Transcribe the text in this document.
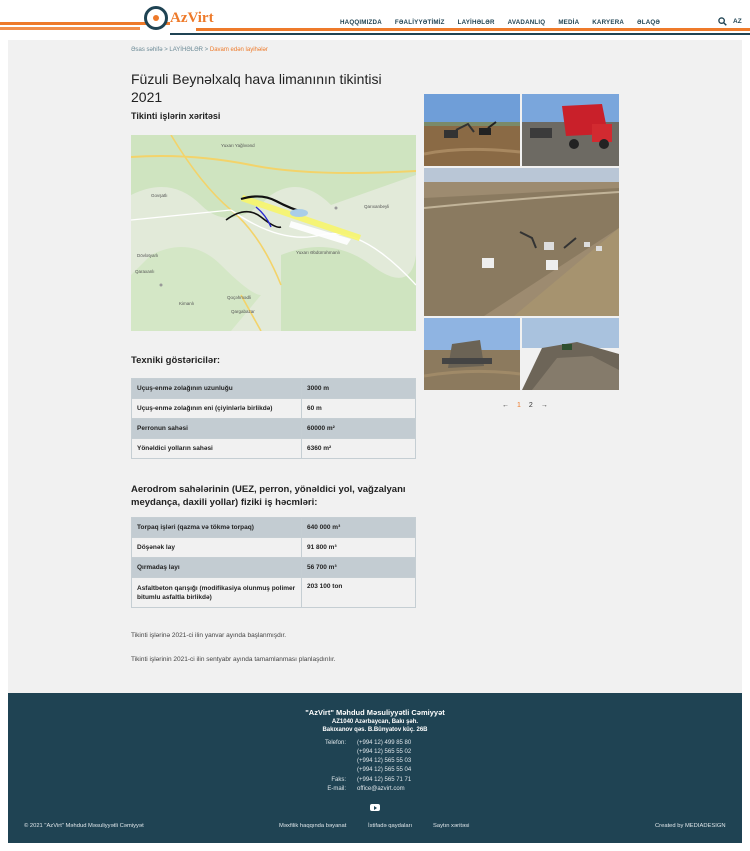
AzVirt	HAQQIMIZDA FƏALİYYƏTİMİZ LAYİHƏLƏR AVADANLIQ MEDİA KARYERA ƏLAQƏ	AZ
Əsas səhifə > LAYİHƏLƏR > Davam edən layihələr
Füzuli Beynəlxalq hava limanının tikintisi 2021
Tikinti işlərin xəritəsi
Yuxarı Yağlıvənd
Govşatlı
Qarıxanbeyli
Yuxarı Əbdürrəhmanlı
Dövlətyarlı
Qoçəhmədli
Qargabazar
Kimanlı
Qaraxanlı
Texniki göstəricilər:
Uçuş-enmə zolağının uzunluğu	3000 m
Uçuş-enmə zolağının eni (çiyinlərlə birlikdə)	60 m
Perronun sahəsi	60000 m²
Yönəldici yolların sahəsi	6360 m²
Aerodrom sahələrinin (UEZ, perron, yönəldici yol, vağzalyanı meydança, daxili yollar) fiziki iş həcmləri:
Torpaq işləri (qazma və tökmə torpaq)	640 000 m³
Döşənək lay	91 800 m³
Qırmadaş layı	56 700 m³
Asfaltbeton qarışığı (modifikasiya olunmuş polimer bitumlu asfaltla birlikdə)	203 100 ton
Tikinti işlərinə 2021-ci ilin yanvar ayında başlanmışdır.
Tikinti işlərinin 2021-ci ilin sentyabr ayında tamamlanması planlaşdırılır.
← 1 2 →
"AzVirt" Məhdud Məsuliyyətli Cəmiyyət
AZ1040 Azərbaycan, Bakı şəh.
Bakıxanov qəs. B.Bünyatov küç. 26B
Telefon: (+994 12) 499 85 80
(+994 12) 565 55 02
(+994 12) 565 55 03
(+994 12) 565 55 04
Faks: (+994 12) 565 71 71
E-mail: office@azvirt.com
© 2021 "AzVirt" Məhdud Məsuliyyətli Cəmiyyət	Məxfilik haqqında bəyanat	İstifadə qaydaları	Saytın xəritəsi	Created by MEDIADESIGN
